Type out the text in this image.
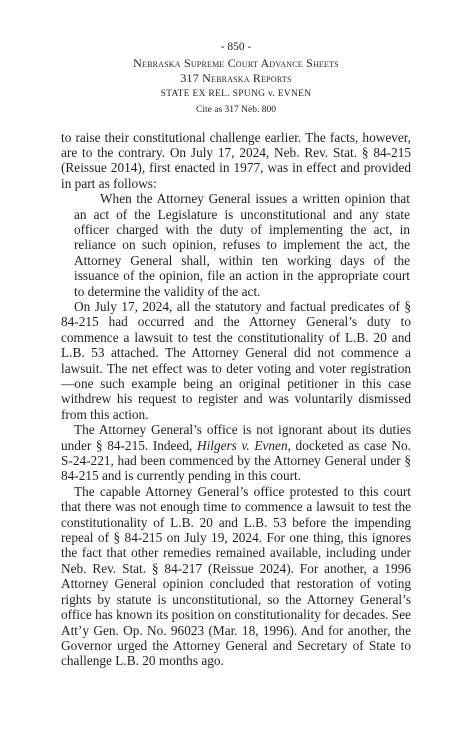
- 850 -
Nebraska Supreme Court Advance Sheets
317 Nebraska Reports
STATE EX REL. SPUNG v. EVNEN
Cite as 317 Neb. 800

to raise their constitutional challenge earlier. The facts, however, are to the contrary. On July 17, 2024, Neb. Rev. Stat. § 84-215 (Reissue 2014), first enacted in 1977, was in effect and provided in part as follows:

When the Attorney General issues a written opinion that an act of the Legislature is unconstitutional and any state officer charged with the duty of implementing the act, in reliance on such opinion, refuses to implement the act, the Attorney General shall, within ten working days of the issuance of the opinion, file an action in the appropriate court to determine the validity of the act.

On July 17, 2024, all the statutory and factual predicates of § 84-215 had occurred and the Attorney General’s duty to commence a lawsuit to test the constitutionality of L.B. 20 and L.B. 53 attached. The Attorney General did not commence a lawsuit. The net effect was to deter voting and voter registration—one such example being an original petitioner in this case withdrew his request to register and was voluntarily dismissed from this action.

The Attorney General’s office is not ignorant about its duties under § 84-215. Indeed, Hilgers v. Evnen, docketed as case No. S-24-221, had been commenced by the Attorney General under § 84-215 and is currently pending in this court.

The capable Attorney General’s office protested to this court that there was not enough time to commence a lawsuit to test the constitutionality of L.B. 20 and L.B. 53 before the impending repeal of § 84-215 on July 19, 2024. For one thing, this ignores the fact that other remedies remained available, including under Neb. Rev. Stat. § 84-217 (Reissue 2024). For another, a 1996 Attorney General opinion concluded that restoration of voting rights by statute is unconstitutional, so the Attorney General’s office has known its position on constitutionality for decades. See Att’y Gen. Op. No. 96023 (Mar. 18, 1996). And for another, the Governor urged the Attorney General and Secretary of State to challenge L.B. 20 months ago.
